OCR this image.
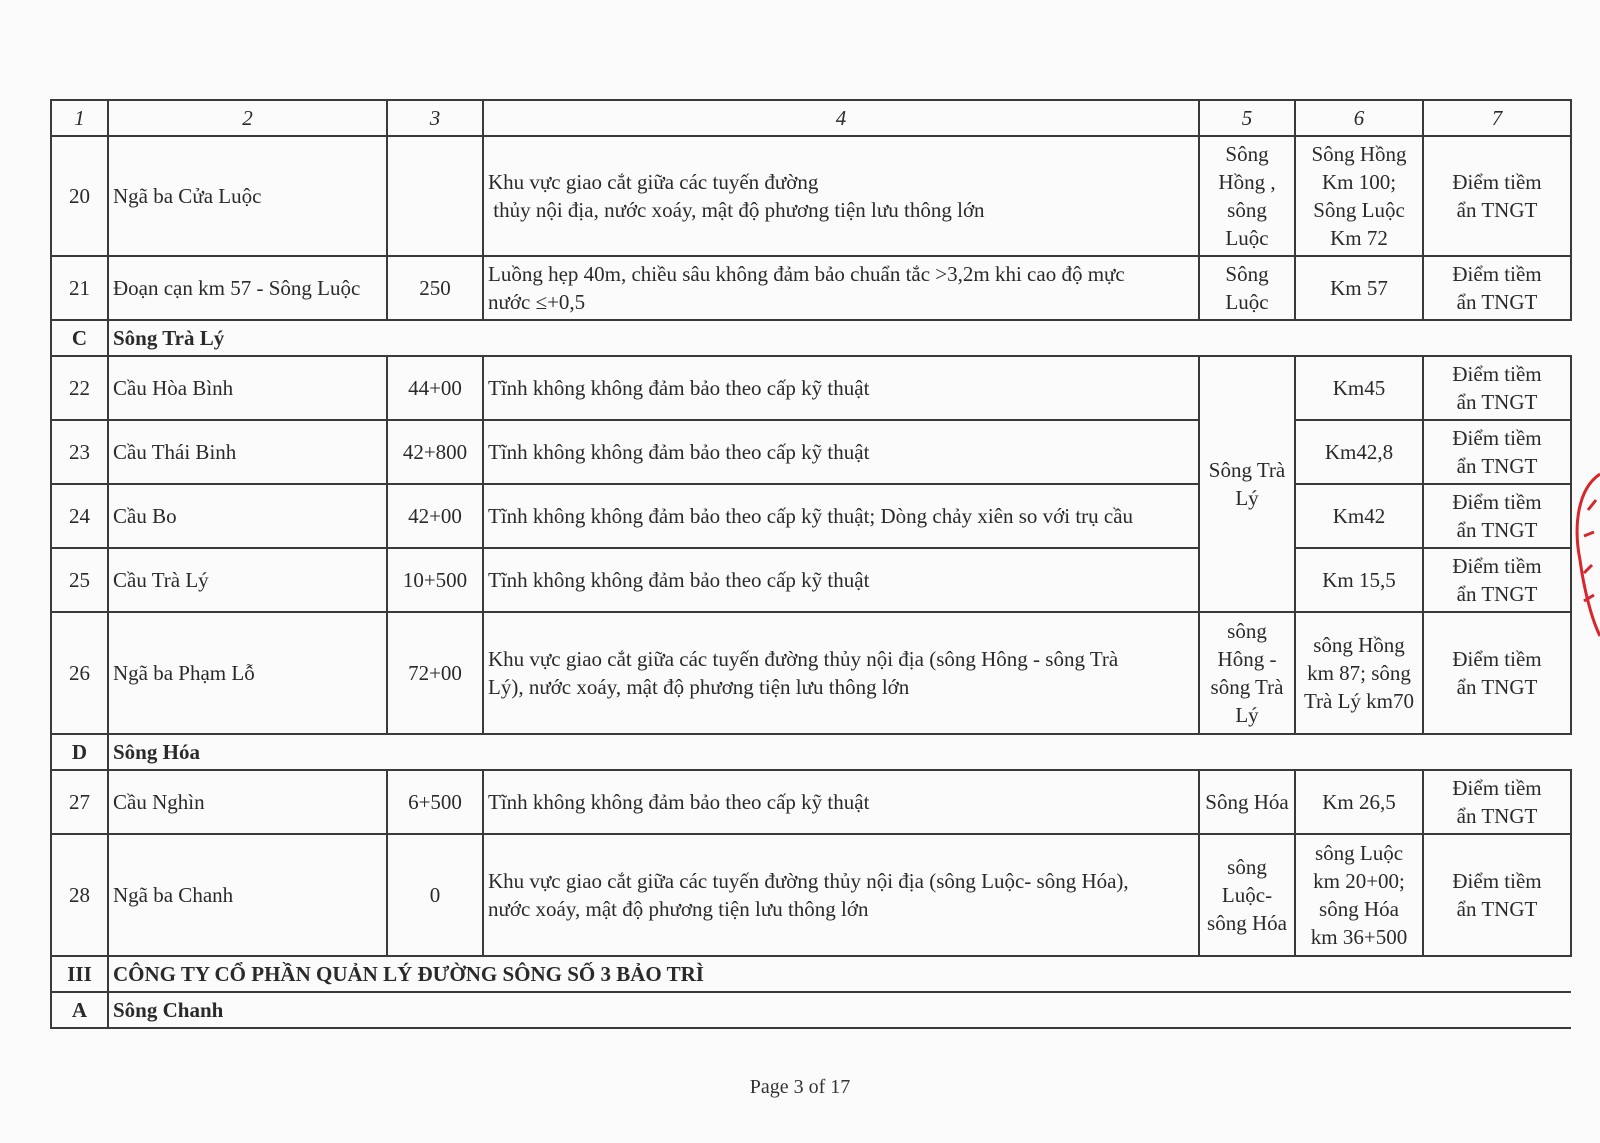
1	2	3	4	5	6	7
20	Ngã ba Cửa Luộc		Khu vực giao cắt giữa các tuyến đường
thủy nội địa, nước xoáy, mật độ phương tiện lưu thông lớn	Sông
Hồng ,
sông
Luộc	Sông Hồng
Km 100;
Sông Luộc
Km 72	Điểm tiềm
ẩn TNGT
21	Đoạn cạn km 57 - Sông Luộc	250	Luồng hẹp 40m, chiều sâu không đảm bảo chuẩn tắc >3,2m khi cao độ mực
nước ≤+0,5	Sông
Luộc	Km 57	Điểm tiềm
ẩn TNGT
C	Sông Trà Lý					
22	Cầu Hòa Bình	44+00	Tĩnh không không đảm bảo theo cấp kỹ thuật	Sông Trà
Lý	Km45	Điểm tiềm
ẩn TNGT
23	Cầu Thái Binh	42+800	Tĩnh không không đảm bảo theo cấp kỹ thuật		Km42,8	Điểm tiềm
ẩn TNGT
24	Cầu Bo	42+00	Tĩnh không không đảm bảo theo cấp kỹ thuật; Dòng chảy xiên so với trụ cầu		Km42	Điểm tiềm
ẩn TNGT
25	Cầu Trà Lý	10+500	Tĩnh không không đảm bảo theo cấp kỹ thuật		Km 15,5	Điểm tiềm
ẩn TNGT
26	Ngã ba Phạm Lỗ	72+00	Khu vực giao cắt giữa các tuyến đường thủy nội địa (sông Hông - sông Trà
Lý), nước xoáy, mật độ phương tiện lưu thông lớn	sông
Hông -
sông Trà
Lý	sông Hồng
km 87; sông
Trà Lý km70	Điểm tiềm
ẩn TNGT
D	Sông Hóa					
27	Cầu Nghìn	6+500	Tĩnh không không đảm bảo theo cấp kỹ thuật	Sông Hóa	Km 26,5	Điểm tiềm
ẩn TNGT
28	Ngã ba Chanh	0	Khu vực giao cắt giữa các tuyến đường thủy nội địa (sông Luộc- sông Hóa),
nước xoáy, mật độ phương tiện lưu thông lớn	sông
Luộc-
sông Hóa	sông Luộc
km 20+00;
sông Hóa
km 36+500	Điểm tiềm
ẩn TNGT
III	CÔNG TY CỔ PHẦN QUẢN LÝ ĐƯỜNG SÔNG SỐ 3 BẢO TRÌ					
A	Sông Chanh					
Page 3 of 17
